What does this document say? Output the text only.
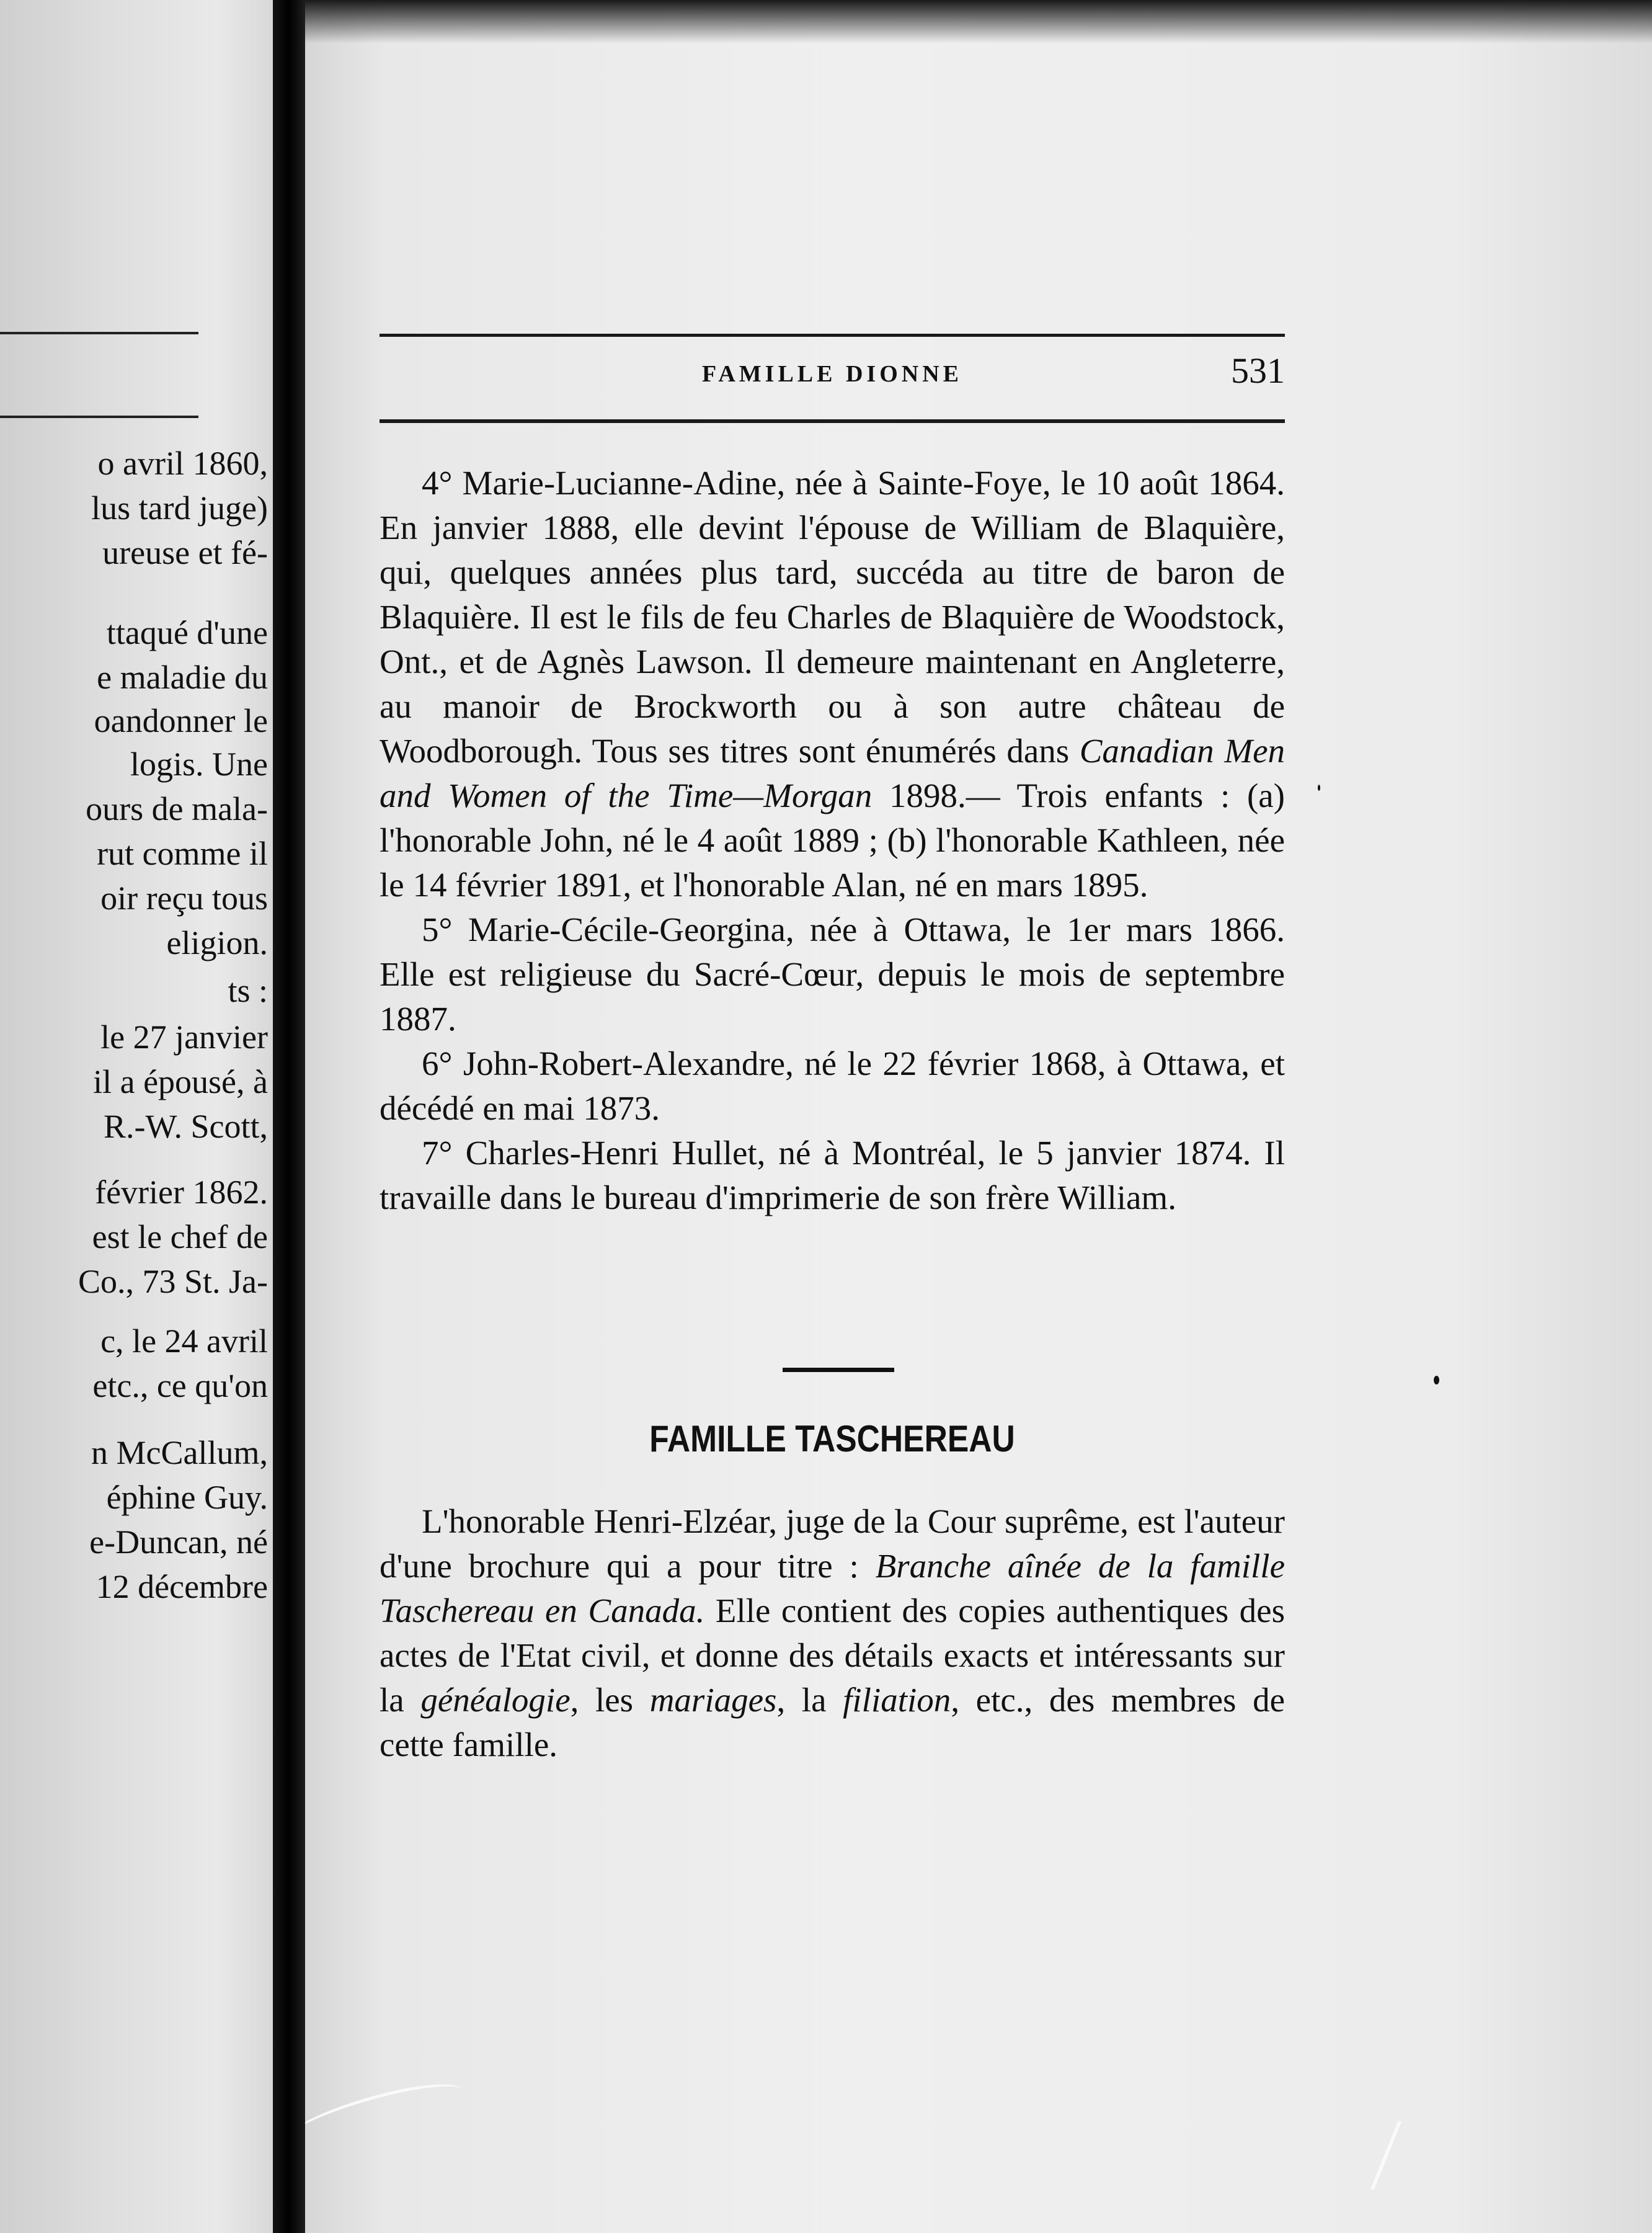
o avril 1860,
lus tard juge)
ureuse et fé-
ttaqué d'une
e maladie du
oandonner le
logis. Une
ours de mala-
rut comme il
oir reçu tous
eligion.
ts :
le 27 janvier
il a épousé, à
R.-W. Scott,
février 1862.
est le chef de
Co., 73 St. Ja-
c, le 24 avril
etc., ce qu'on
n McCallum,
éphine Guy.
e-Duncan, né
12 décembre
FAMILLE DIONNE	531

4° Marie-Lucianne-Adine, née à Sainte-Foye, le 10 août 1864. En janvier 1888, elle devint l'épouse de William de Blaquière, qui, quelques années plus tard, succéda au titre de baron de Blaquière. Il est le fils de feu Charles de Blaquière de Woodstock, Ont., et de Agnès Lawson. Il demeure maintenant en Angleterre, au manoir de Brockworth ou à son autre château de Woodborough. Tous ses titres sont énumérés dans Canadian Men and Women of the Time—Morgan 1898.— Trois enfants : (a) l'honorable John, né le 4 août 1889 ; (b) l'honorable Kathleen, née le 14 février 1891, et l'honorable Alan, né en mars 1895.

5° Marie-Cécile-Georgina, née à Ottawa, le 1er mars 1866. Elle est religieuse du Sacré-Cœur, depuis le mois de septembre 1887.

6° John-Robert-Alexandre, né le 22 février 1868, à Ottawa, et décédé en mai 1873.

7° Charles-Henri Hullet, né à Montréal, le 5 janvier 1874. Il travaille dans le bureau d'imprimerie de son frère William.

FAMILLE TASCHEREAU

L'honorable Henri-Elzéar, juge de la Cour suprême, est l'auteur d'une brochure qui a pour titre : Branche aînée de la famille Taschereau en Canada. Elle contient des copies authentiques des actes de l'Etat civil, et donne des détails exacts et intéressants sur la généalogie, les mariages, la filiation, etc., des membres de cette famille.
